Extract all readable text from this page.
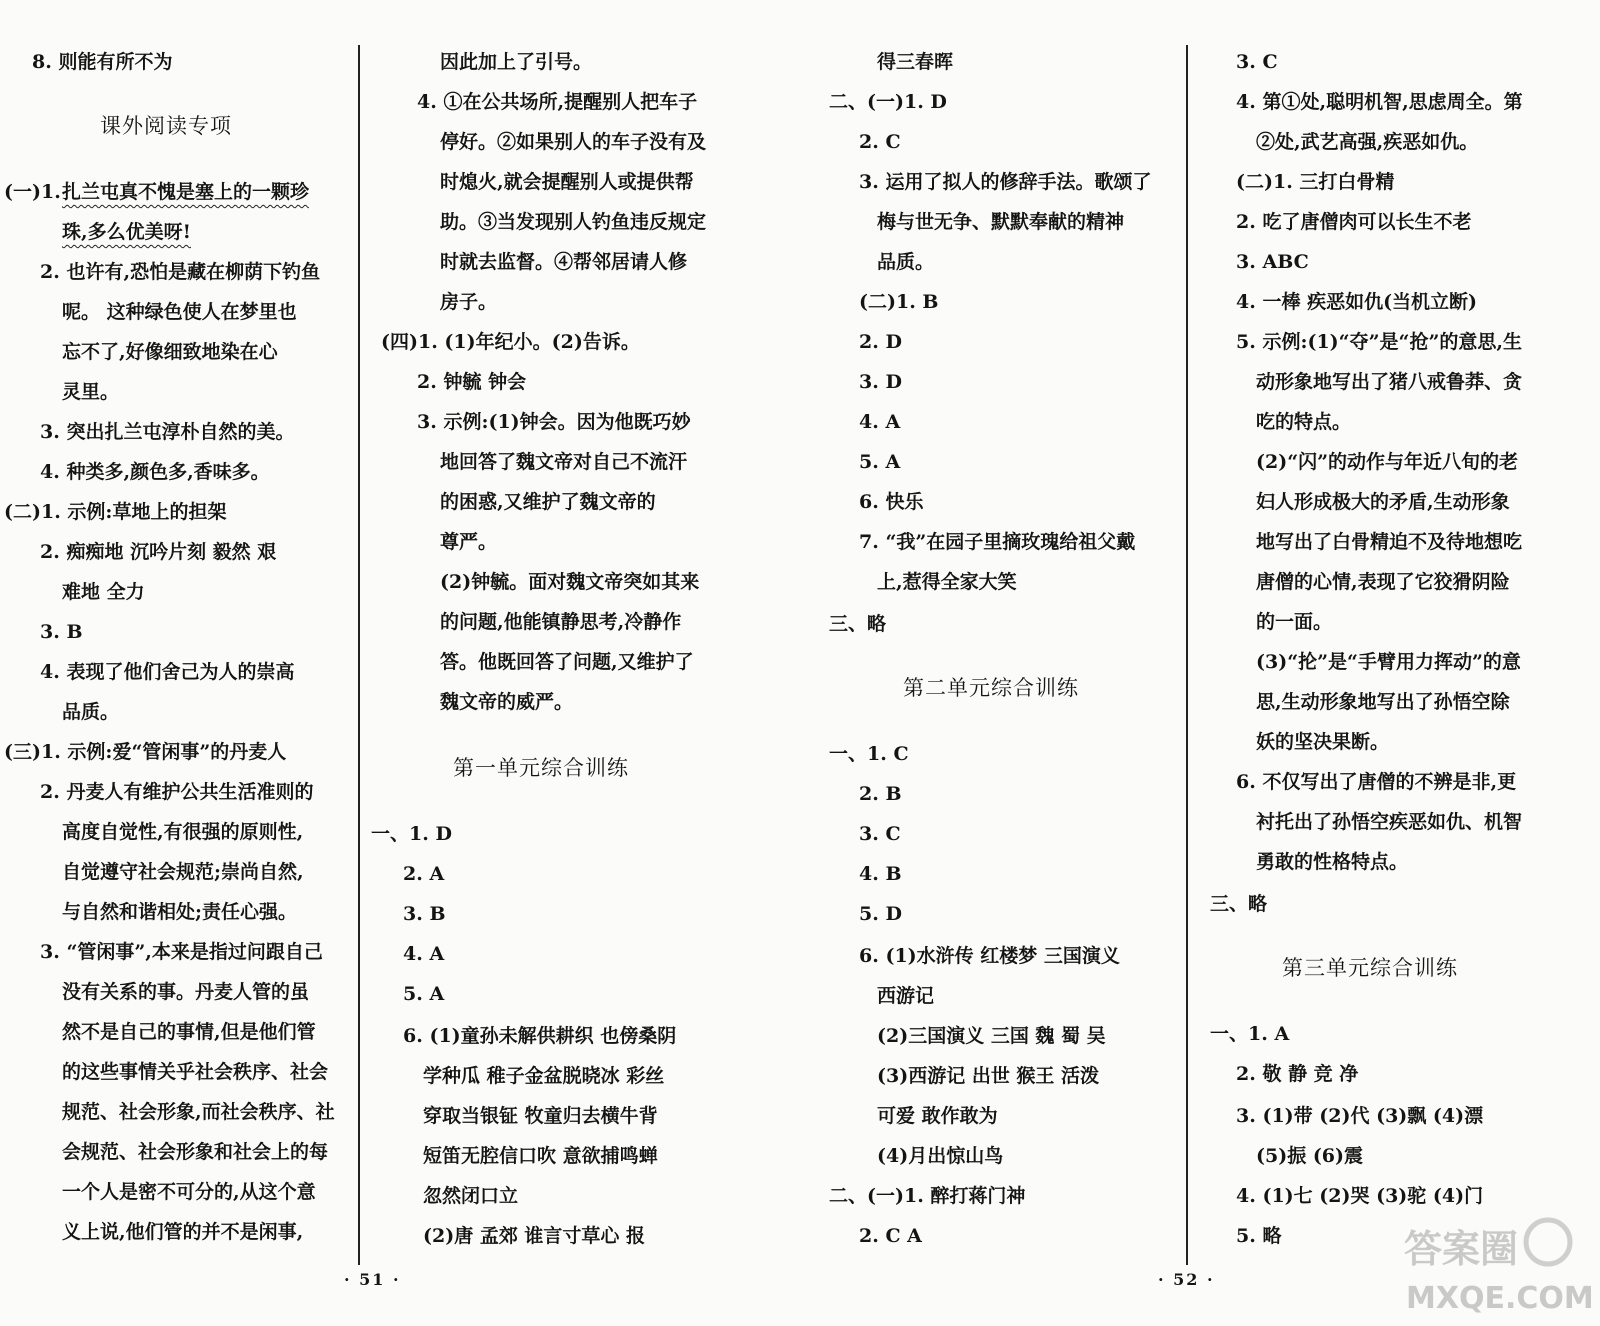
8. 则能有所不为
课外阅读专项
(一)1. 扎兰屯真不愧是塞上的一颗珍
珠,多么优美呀!
2. 也许有,恐怕是藏在柳荫下钓鱼
呢。 这种绿色使人在梦里也
忘不了,好像细致地染在心
灵里。
3. 突出扎兰屯淳朴自然的美。
4. 种类多,颜色多,香味多。
(二)1. 示例:草地上的担架
2. 痴痴地 沉吟片刻 毅然 艰
难地 全力
3. B
4. 表现了他们舍己为人的崇高
品质。
(三)1. 示例:爱“管闲事”的丹麦人
2. 丹麦人有维护公共生活准则的
高度自觉性,有很强的原则性,
自觉遵守社会规范;崇尚自然,
与自然和谐相处;责任心强。
3. “管闲事”,本来是指过问跟自己
没有关系的事。丹麦人管的虽
然不是自己的事情,但是他们管
的这些事情关乎社会秩序、社会
规范、社会形象,而社会秩序、社
会规范、社会形象和社会上的每
一个人是密不可分的,从这个意
义上说,他们管的并不是闲事,
因此加上了引号。
4. ①在公共场所,提醒别人把车子
停好。②如果别人的车子没有及
时熄火,就会提醒别人或提供帮
助。③当发现别人钓鱼违反规定
时就去监督。④帮邻居请人修
房子。
(四)1. (1)年纪小。(2)告诉。
2. 钟毓 钟会
3. 示例:(1)钟会。因为他既巧妙
地回答了魏文帝对自己不流汗
的困惑,又维护了魏文帝的
尊严。
(2)钟毓。面对魏文帝突如其来
的问题,他能镇静思考,冷静作
答。他既回答了问题,又维护了
魏文帝的威严。
第一单元综合训练
一、1. D
2. A
3. B
4. A
5. A
6. (1)童孙未解供耕织 也傍桑阴
学种瓜 稚子金盆脱晓冰 彩丝
穿取当银钲 牧童归去横牛背
短笛无腔信口吹 意欲捕鸣蝉
忽然闭口立
(2)唐 孟郊 谁言寸草心 报
得三春晖
二、(一)1. D
2. C
3. 运用了拟人的修辞手法。歌颂了
梅与世无争、默默奉献的精神
品质。
(二)1. B
2. D
3. D
4. A
5. A
6. 快乐
7. “我”在园子里摘玫瑰给祖父戴
上,惹得全家大笑
三、略
第二单元综合训练
一、1. C
2. B
3. C
4. B
5. D
6. (1)水浒传 红楼梦 三国演义
西游记
(2)三国演义 三国 魏 蜀 吴
(3)西游记 出世 猴王 活泼
可爱 敢作敢为
(4)月出惊山鸟
二、(一)1. 醉打蒋门神
2. C A
3. C
4. 第①处,聪明机智,思虑周全。第
②处,武艺高强,疾恶如仇。
(二)1. 三打白骨精
2. 吃了唐僧肉可以长生不老
3. ABC
4. 一棒 疾恶如仇(当机立断)
5. 示例:(1)“夺”是“抢”的意思,生
动形象地写出了猪八戒鲁莽、贪
吃的特点。
(2)“闪”的动作与年近八旬的老
妇人形成极大的矛盾,生动形象
地写出了白骨精迫不及待地想吃
唐僧的心情,表现了它狡猾阴险
的一面。
(3)“抡”是“手臂用力挥动”的意
思,生动形象地写出了孙悟空除
妖的坚决果断。
6. 不仅写出了唐僧的不辨是非,更
衬托出了孙悟空疾恶如仇、机智
勇敢的性格特点。
三、略
第三单元综合训练
一、1. A
2. 敬 静 竞 净
3. (1)带 (2)代 (3)飘 (4)漂
(5)振 (6)震
4. (1)七 (2)哭 (3)驼 (4)门
5. 略
· 51 ·	· 52 ·
答案圈
MXQE.COM
